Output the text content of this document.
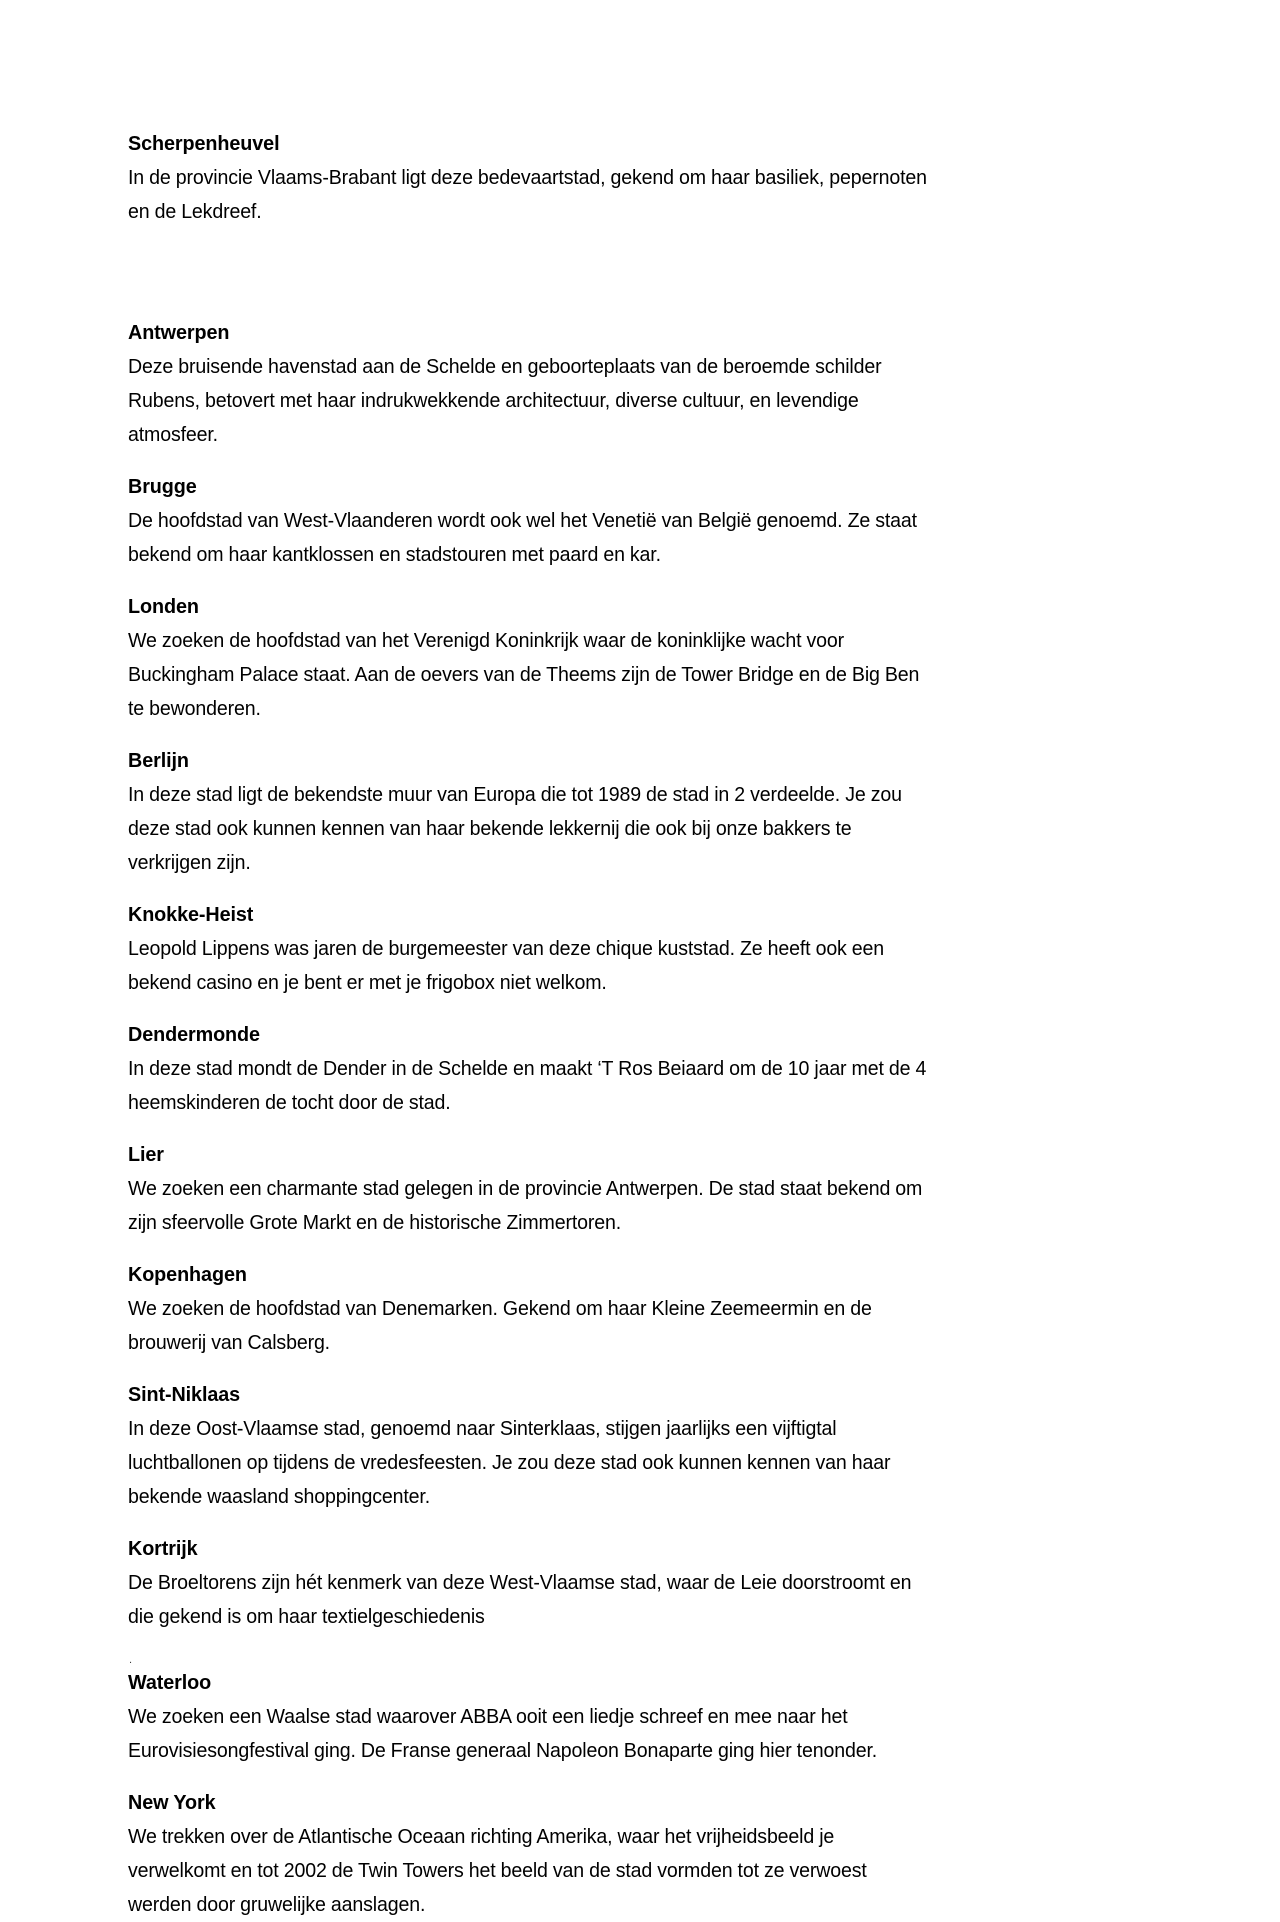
Scherpenheuvel

In de provincie Vlaams-Brabant ligt deze bedevaartstad, gekend om haar basiliek, pepernoten en de Lekdreef.

Antwerpen

Deze bruisende havenstad aan de Schelde en geboorteplaats van de beroemde schilder Rubens, betovert met haar indrukwekkende architectuur, diverse cultuur, en levendige atmosfeer.

Brugge

De hoofdstad van West-Vlaanderen wordt ook wel het Venetië van België genoemd. Ze staat bekend om haar kantklossen en stadstouren met paard en kar.

Londen

We zoeken de hoofdstad van het Verenigd Koninkrijk waar de koninklijke wacht voor Buckingham Palace staat. Aan de oevers van de Theems zijn de Tower Bridge en de Big Ben te bewonderen.

Berlijn

In deze stad ligt de bekendste muur van Europa die tot 1989 de stad in 2 verdeelde. Je zou deze stad ook kunnen kennen van haar bekende lekkernij die ook bij onze bakkers te verkrijgen zijn.

Knokke-Heist

Leopold Lippens was jaren de burgemeester van deze chique kuststad. Ze heeft ook een bekend casino en je bent er met je frigobox niet welkom.

Dendermonde

In deze stad mondt de Dender in de Schelde en maakt ‘T Ros Beiaard om de 10 jaar met de 4 heemskinderen de tocht door de stad.

Lier

We zoeken een charmante stad gelegen in de provincie Antwerpen. De stad staat bekend om zijn sfeervolle Grote Markt en de historische Zimmertoren.

Kopenhagen

We zoeken de hoofdstad van Denemarken. Gekend om haar Kleine Zeemeermin en de brouwerij van Calsberg.

Sint-Niklaas

In deze Oost-Vlaamse stad, genoemd naar Sinterklaas, stijgen jaarlijks een vijftigtal luchtballonen op tijdens de vredesfeesten. Je zou deze stad ook kunnen kennen van haar bekende waasland shoppingcenter.

Kortrijk

De Broeltorens zijn hét kenmerk van deze West-Vlaamse stad, waar de Leie doorstroomt en die gekend is om haar textielgeschiedenis

.
Waterloo

We zoeken een Waalse stad waarover ABBA ooit een liedje schreef en mee naar het Eurovisiesongfestival ging. De Franse generaal Napoleon Bonaparte ging hier tenonder.

New York

We trekken over de Atlantische Oceaan richting Amerika, waar het vrijheidsbeeld je verwelkomt en tot 2002 de Twin Towers het beeld van de stad vormden tot ze verwoest werden door gruwelijke aanslagen.
